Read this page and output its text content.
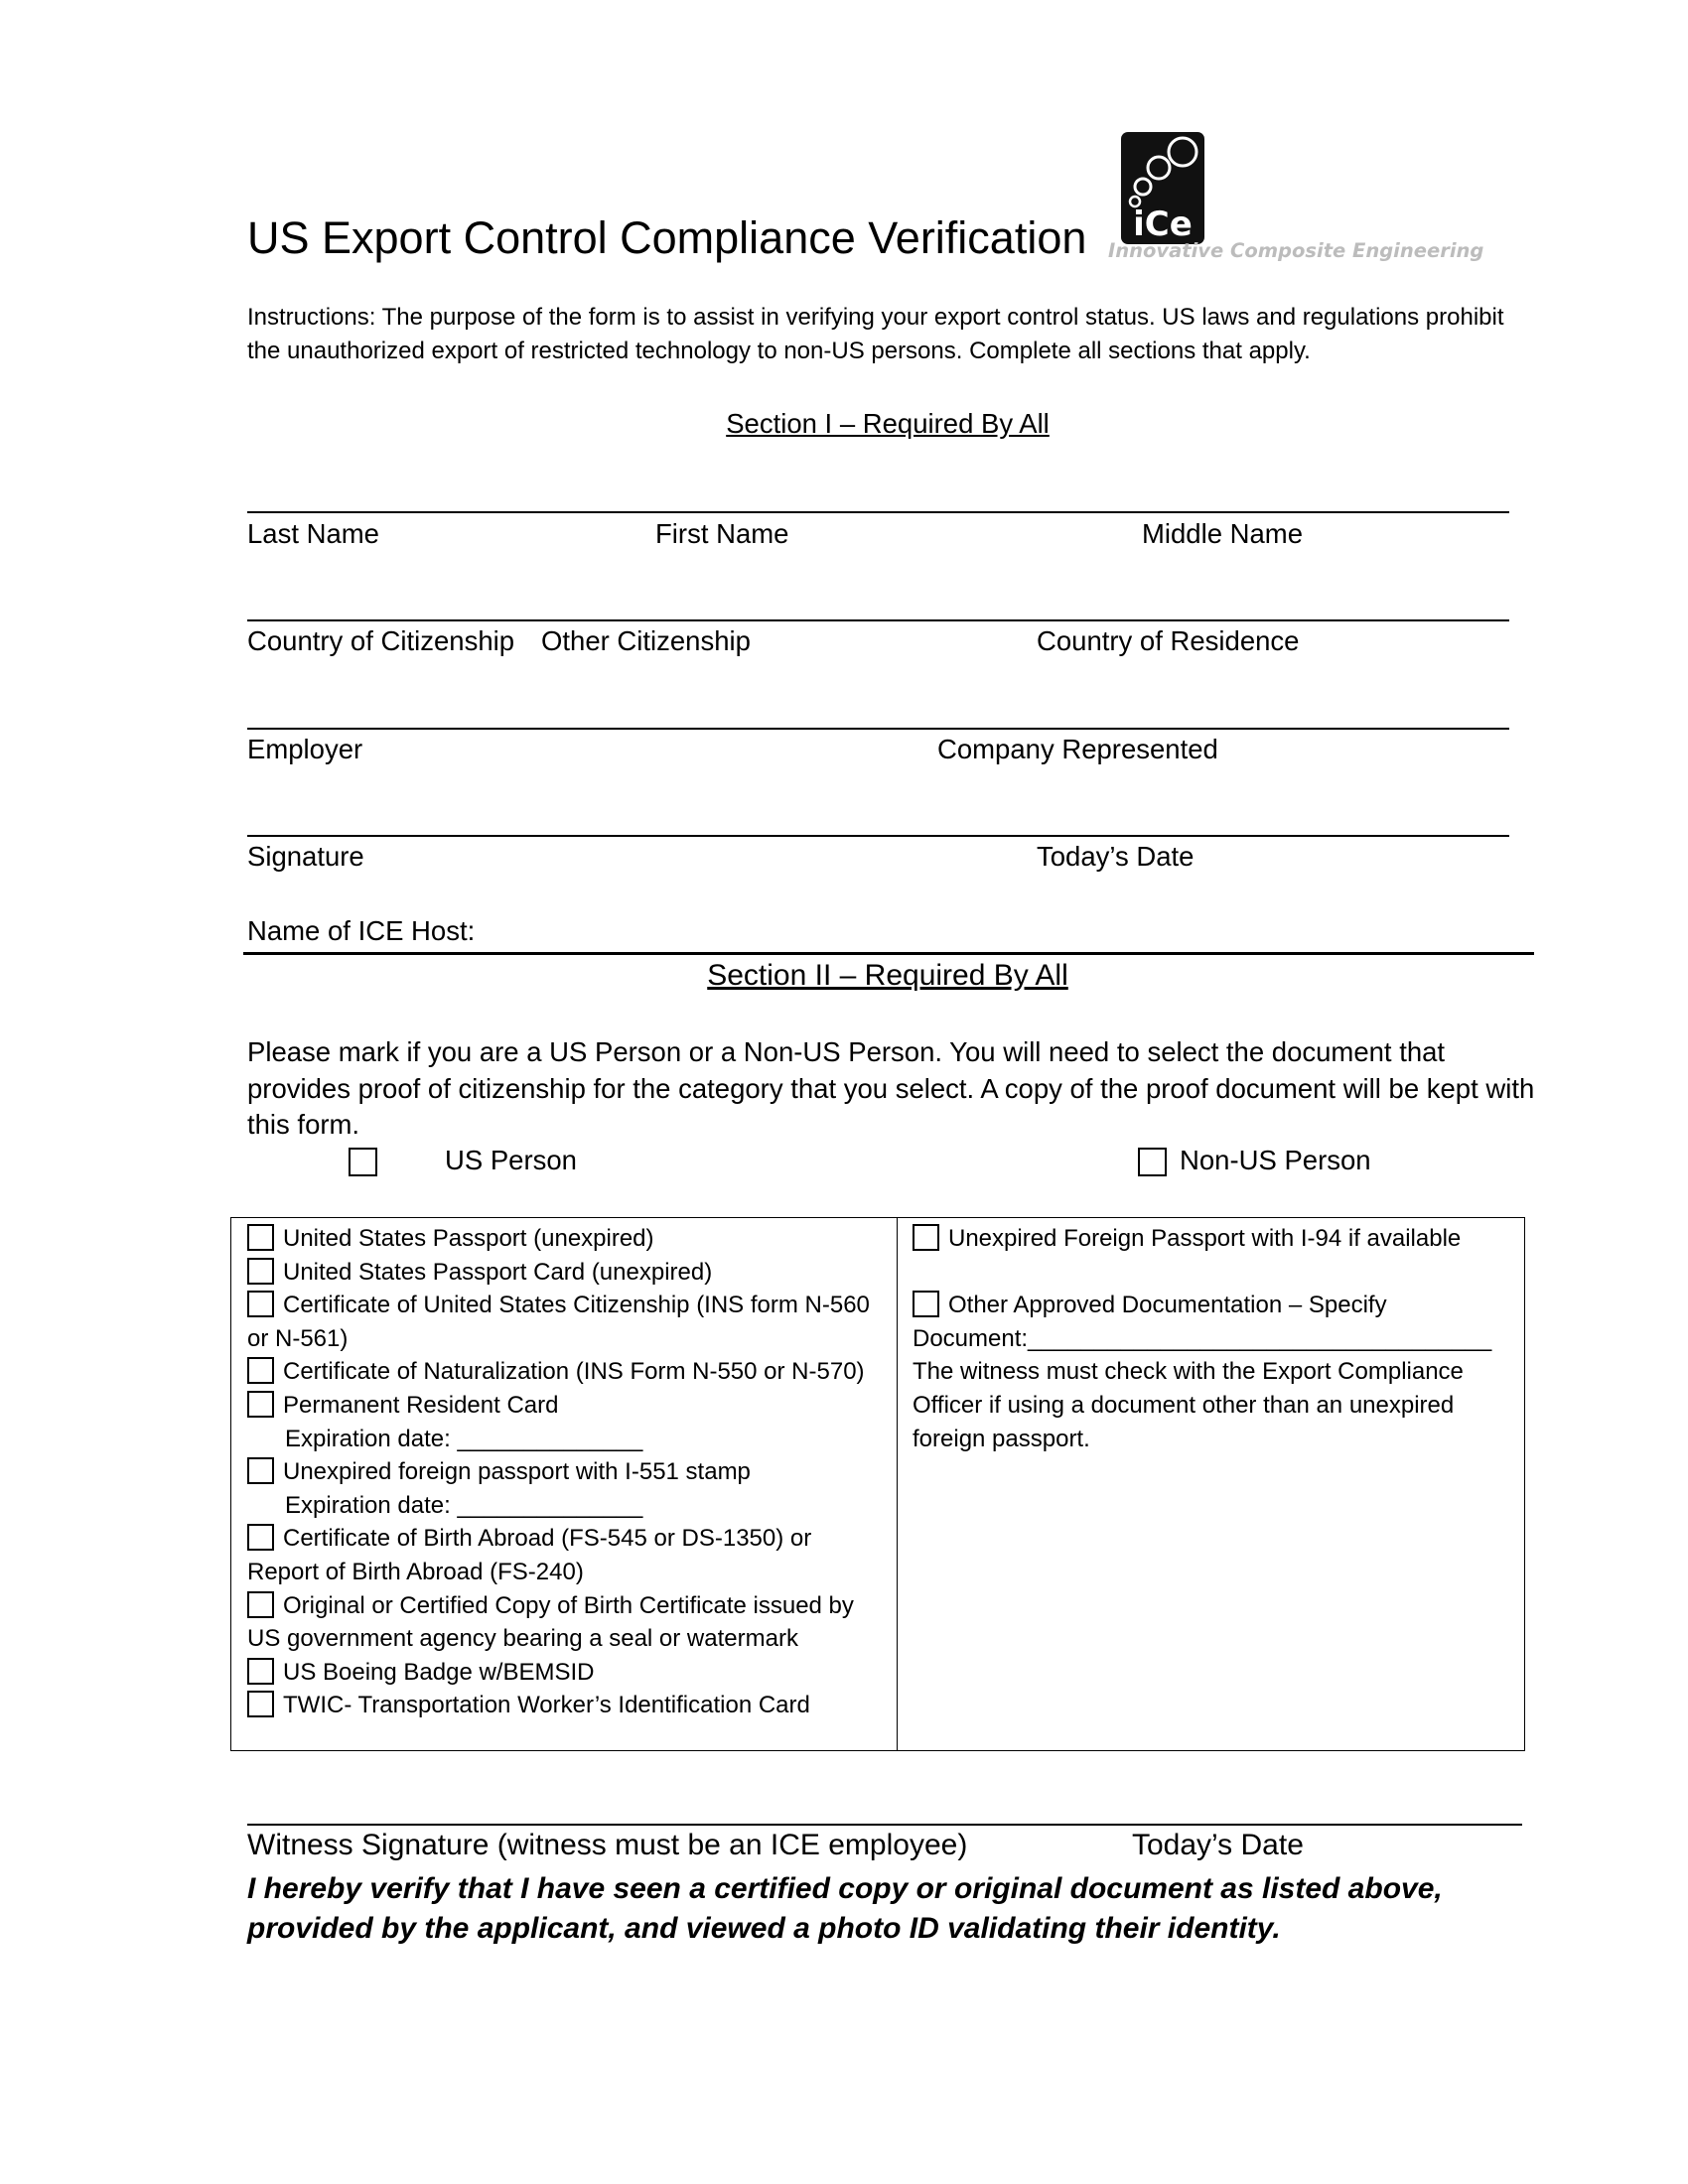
US Export Control Compliance Verification	iCe
Innovative Composite Engineering
Instructions: The purpose of the form is to assist in verifying your export control status. US laws and regulations prohibit the unauthorized export of restricted technology to non-US persons. Complete all sections that apply.
Section I – Required By All
Last Name	First Name	Middle Name
Country of Citizenship Other Citizenship	Country of Residence
Employer	Company Represented
Signature	Today’s Date
Name of ICE Host:
Section II – Required By All
Please mark if you are a US Person or a Non-US Person. You will need to select the document that provides proof of citizenship for the category that you select. A copy of the proof document will be kept with this form.
US Person	Non-US Person
United States Passport (unexpired)
United States Passport Card (unexpired)
Certificate of United States Citizenship (INS form N-560 or N-561)
Certificate of Naturalization (INS Form N-550 or N-570)
Permanent Resident Card
Expiration date: ______________
Unexpired foreign passport with I-551 stamp
Expiration date: ______________
Certificate of Birth Abroad (FS-545 or DS-1350) or Report of Birth Abroad (FS-240)
Original or Certified Copy of Birth Certificate issued by US government agency bearing a seal or watermark
US Boeing Badge w/BEMSID
TWIC- Transportation Worker’s Identification Card
Unexpired Foreign Passport with I-94 if available
Other Approved Documentation – Specify
Document:___________________________________
The witness must check with the Export Compliance Officer if using a document other than an unexpired foreign passport.
Witness Signature (witness must be an ICE employee)	Today’s Date
I hereby verify that I have seen a certified copy or original document as listed above, provided by the applicant, and viewed a photo ID validating their identity.
